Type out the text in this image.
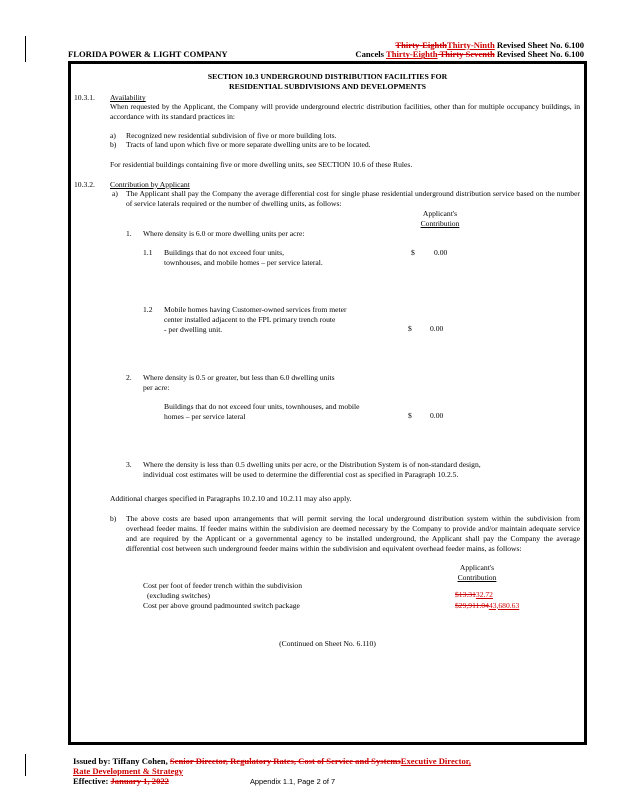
Thirty-EighthThirty-Ninth Revised Sheet No. 6.100
FLORIDA POWER & LIGHT COMPANY	Cancels Thirty-Eighth Thirty Seventh Revised Sheet No. 6.100
SECTION 10.3 UNDERGROUND DISTRIBUTION FACILITIES FOR
RESIDENTIAL SUBDIVISIONS AND DEVELOPMENTS
10.3.1. Availability
When requested by the Applicant, the Company will provide underground electric distribution facilities, other than for multiple occupancy buildings, in accordance with its standard practices in:
a) Recognized new residential subdivision of five or more building lots.
b) Tracts of land upon which five or more separate dwelling units are to be located.
For residential buildings containing five or more dwelling units, see SECTION 10.6 of these Rules.
10.3.2. Contribution by Applicant
a) The Applicant shall pay the Company the average differential cost for single phase residential underground distribution service based on the number of service laterals required or the number of dwelling units, as follows:
Applicant's
Contribution
1. Where density is 6.0 or more dwelling units per acre:
1.1 Buildings that do not exceed four units,
townhouses, and mobile homes – per service lateral.
$	0.00
1.2 Mobile homes having Customer-owned services from meter
center installed adjacent to the FPL primary trench route
- per dwelling unit.	$ 0.00
2. Where density is 0.5 or greater, but less than 6.0 dwelling units
per acre:
Buildings that do not exceed four units, townhouses, and mobile
homes – per service lateral	$ 0.00
3. Where the density is less than 0.5 dwelling units per acre, or the Distribution System is of non-standard design,
individual cost estimates will be used to determine the differential cost as specified in Paragraph 10.2.5.
Additional charges specified in Paragraphs 10.2.10 and 10.2.11 may also apply.
b) The above costs are based upon arrangements that will permit serving the local underground distribution system within the subdivision from overhead feeder mains. If feeder mains within the subdivision are deemed necessary by the Company to provide and/or maintain adequate service and are required by the Applicant or a governmental agency to be installed underground, the Applicant shall pay the Company the average differential cost between such underground feeder mains within the subdivision and equivalent overhead feeder mains, as follows:
Applicant's
Contribution
Cost per foot of feeder trench within the subdivision
(excluding switches)	$13.3132.72
Cost per above ground padmounted switch package	$29,911.0443,680.63
(Continued on Sheet No. 6.110)
Issued by: Tiffany Cohen, Senior Director, Regulatory Rates, Cost of Service and SystemsExecutive Director,
Rate Development & Strategy
Effective: January 1, 2022	Appendix 1.1, Page 2 of 7
